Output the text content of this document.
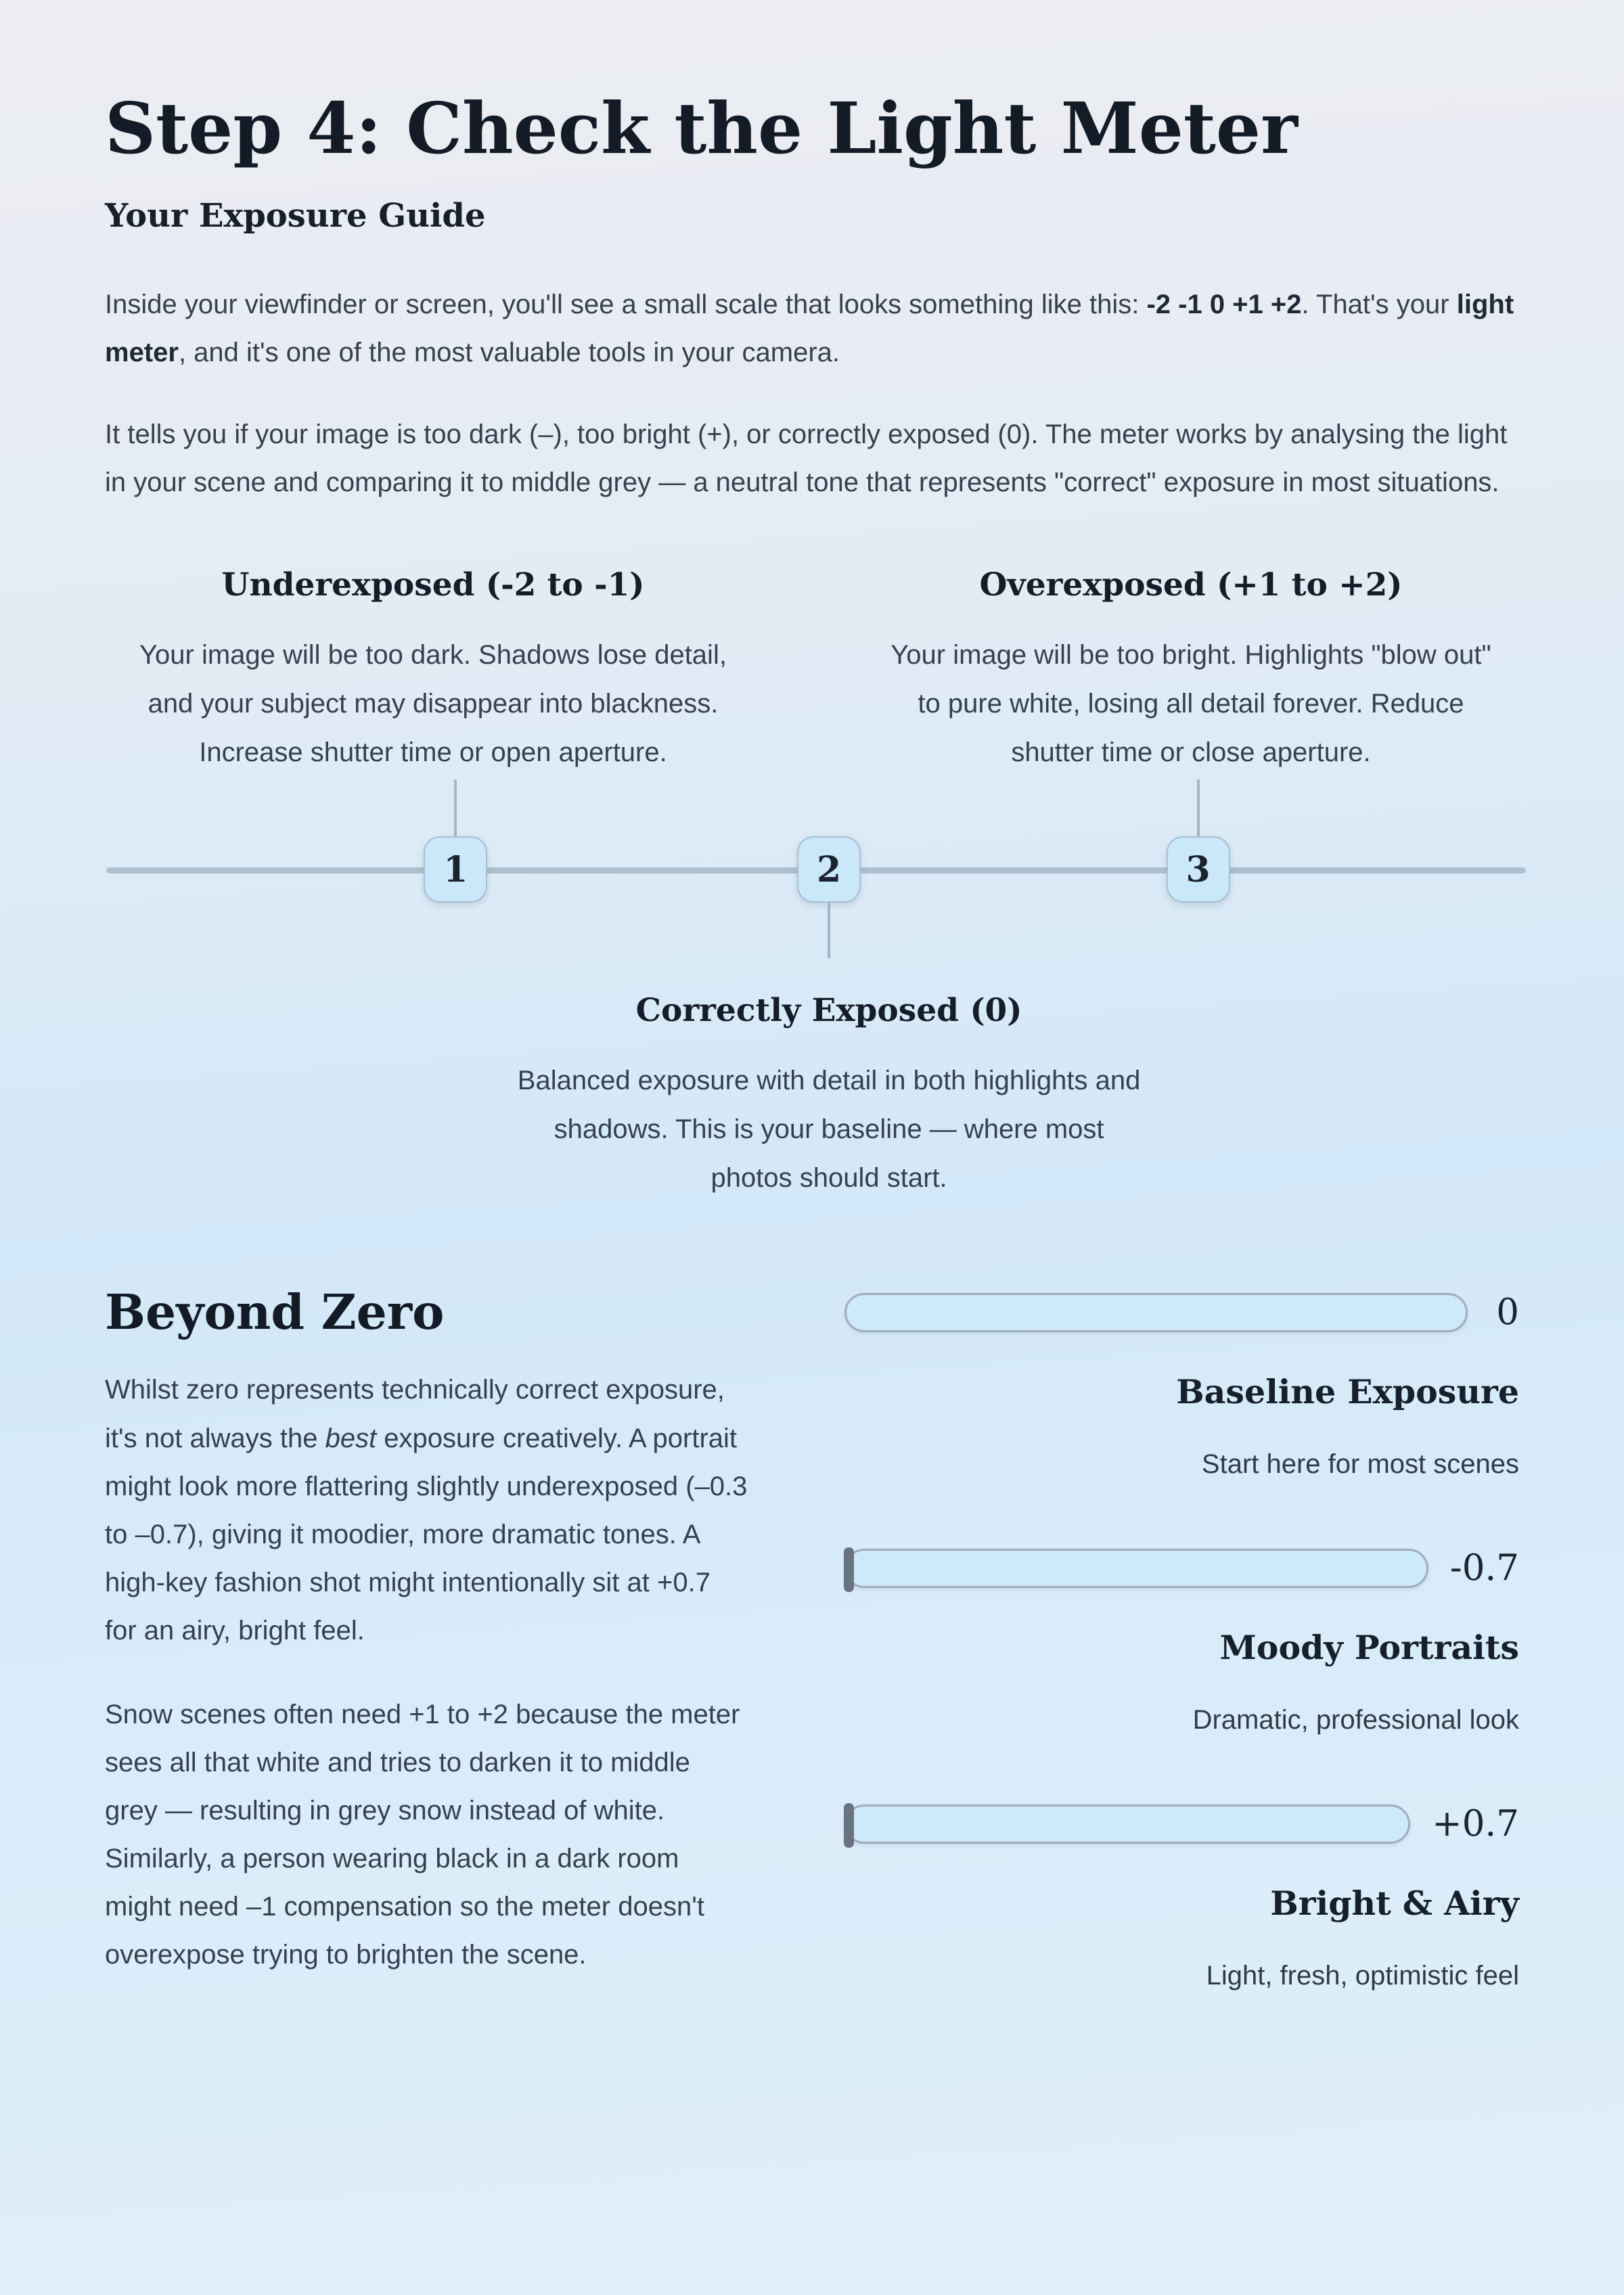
Step 4: Check the Light Meter
Your Exposure Guide

Inside your viewfinder or screen, you'll see a small scale that looks something like this: -2 -1 0 +1 +2. That's your light meter, and it's one of the most valuable tools in your camera.

It tells you if your image is too dark (–), too bright (+), or correctly exposed (0). The meter works by analysing the light in your scene and comparing it to middle grey — a neutral tone that represents "correct" exposure in most situations.

Underexposed (-2 to -1)

Your image will be too dark. Shadows lose detail, and your subject may disappear into blackness. Increase shutter time or open aperture.

Overexposed (+1 to +2)

Your image will be too bright. Highlights "blow out" to pure white, losing all detail forever. Reduce shutter time or close aperture.

1	2	3
Correctly Exposed (0)

Balanced exposure with detail in both highlights and shadows. This is your baseline — where most photos should start.

Beyond Zero

Whilst zero represents technically correct exposure, it's not always the best exposure creatively. A portrait might look more flattering slightly underexposed (–0.3 to –0.7), giving it moodier, more dramatic tones. A high-key fashion shot might intentionally sit at +0.7 for an airy, bright feel.

Snow scenes often need +1 to +2 because the meter sees all that white and tries to darken it to middle grey — resulting in grey snow instead of white. Similarly, a person wearing black in a dark room might need –1 compensation so the meter doesn't overexpose trying to brighten the scene.

0
Baseline Exposure

Start here for most scenes

-0.7
Moody Portraits

Dramatic, professional look

+0.7
Bright & Airy

Light, fresh, optimistic feel
